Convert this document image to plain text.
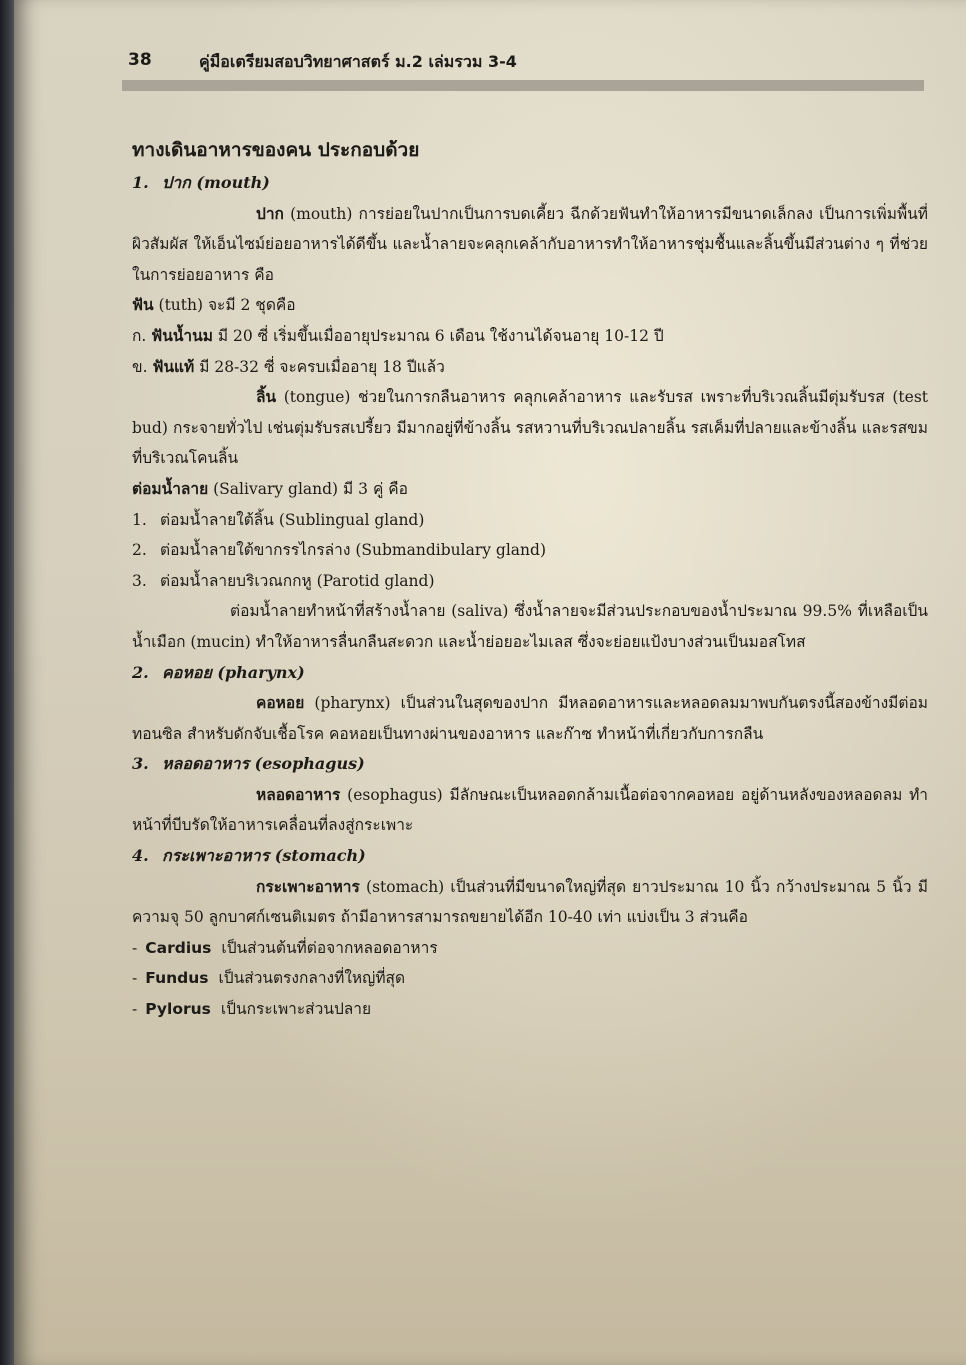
38	คู่มือเตรียมสอบวิทยาศาสตร์ ม.2 เล่มรวม 3-4

ทางเดินอาหารของคน ประกอบด้วย

1. ปาก (mouth)

ปาก (mouth) การย่อยในปากเป็นการบดเคี้ยว ฉีกด้วยฟันทำให้อาหารมีขนาดเล็กลง เป็นการเพิ่มพื้นที่ผิวสัมผัส ให้เอ็นไซม์ย่อยอาหารได้ดีขึ้น และน้ำลายจะคลุกเคล้ากับอาหารทำให้อาหารชุ่มชื้นและลิ้นขึ้นมีส่วนต่าง ๆ ที่ช่วยในการย่อยอาหาร คือ

ฟัน (tuth) จะมี 2 ชุดคือ

ก. ฟันน้ำนม มี 20 ซี่ เริ่มขึ้นเมื่ออายุประมาณ 6 เดือน ใช้งานได้จนอายุ 10-12 ปี

ข. ฟันแท้ มี 28-32 ซี่ จะครบเมื่ออายุ 18 ปีแล้ว

ลิ้น (tongue) ช่วยในการกลืนอาหาร คลุกเคล้าอาหาร และรับรส เพราะที่บริเวณลิ้นมีตุ่มรับรส (test bud) กระจายทั่วไป เช่นตุ่มรับรสเปรี้ยว มีมากอยู่ที่ข้างลิ้น รสหวานที่บริเวณปลายลิ้น รสเค็มที่ปลายและข้างลิ้น และรสขมที่บริเวณโคนลิ้น

ต่อมน้ำลาย (Salivary gland) มี 3 คู่ คือ

1. ต่อมน้ำลายใต้ลิ้น (Sublingual gland)

2. ต่อมน้ำลายใต้ขากรรไกรล่าง (Submandibulary gland)

3. ต่อมน้ำลายบริเวณกกหู (Parotid gland)

ต่อมน้ำลายทำหน้าที่สร้างน้ำลาย (saliva) ซึ่งน้ำลายจะมีส่วนประกอบของน้ำประมาณ 99.5% ที่เหลือเป็นน้ำเมือก (mucin) ทำให้อาหารลื่นกลืนสะดวก และน้ำย่อยอะไมเลส ซึ่งจะย่อยแป้งบางส่วนเป็นมอสโทส

2. คอหอย (pharynx)

คอหอย (pharynx) เป็นส่วนในสุดของปาก มีหลอดอาหารและหลอดลมมาพบกันตรงนี้สองข้างมีต่อมทอนซิล สำหรับดักจับเชื้อโรค คอหอยเป็นทางผ่านของอาหาร และก๊าซ ทำหน้าที่เกี่ยวกับการกลืน

3. หลอดอาหาร (esophagus)

หลอดอาหาร (esophagus) มีลักษณะเป็นหลอดกล้ามเนื้อต่อจากคอหอย อยู่ด้านหลังของหลอดลม ทำหน้าที่บีบรัดให้อาหารเคลื่อนที่ลงสู่กระเพาะ

4. กระเพาะอาหาร (stomach)

กระเพาะอาหาร (stomach) เป็นส่วนที่มีขนาดใหญ่ที่สุด ยาวประมาณ 10 นิ้ว กว้างประมาณ 5 นิ้ว มีความจุ 50 ลูกบาศก์เซนติเมตร ถ้ามีอาหารสามารถขยายได้อีก 10-40 เท่า แบ่งเป็น 3 ส่วนคือ

- Cardius เป็นส่วนต้นที่ต่อจากหลอดอาหาร

- Fundus เป็นส่วนตรงกลางที่ใหญ่ที่สุด

- Pylorus เป็นกระเพาะส่วนปลาย
